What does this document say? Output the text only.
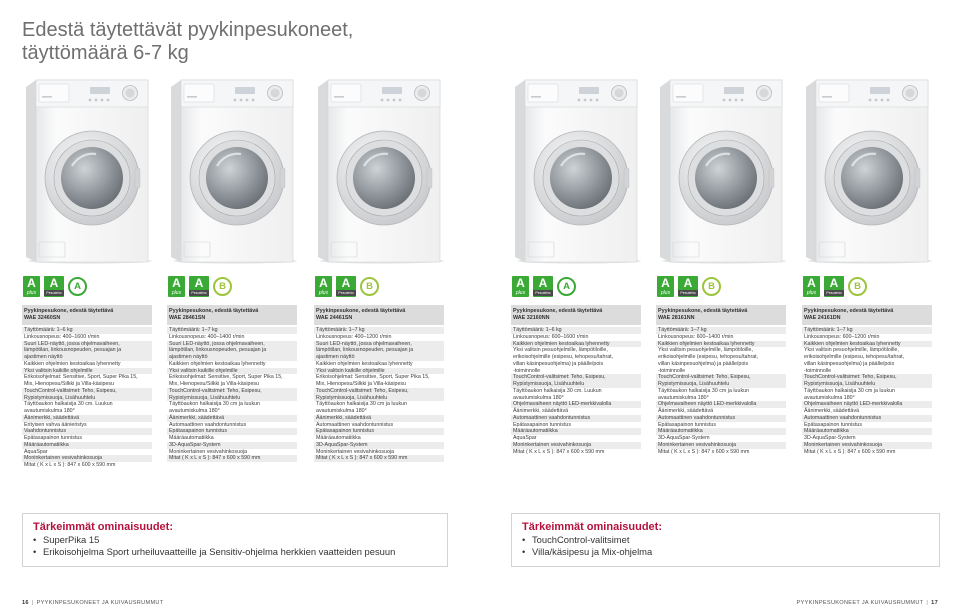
Edestä täytettävät pyykinpesukoneet,
täyttömäärä 6-7 kg
A
plus
A
Pesuteho
A
Pyykinpesukone, edestä täytettävä
WAE 32460SN
Täyttömäärä: 1–6 kg
Linkousnopeus: 400–1600 r/min
Suuri LED-näyttö, jossa ohjelmavaiheen,
lämpötilan, linkousnopeuden, pesuajan ja
ajastimen näyttö
Kaikkien ohjelmien kestoaikaa lyhennetty
Yksi valitsin kaikille ohjelmille
Erikoisohjelmat: Sensitive, Sport, Super Pika 15,
Mix, Hienopesu/Silkki ja Villa-käsipesu
TouchControl-valitsimet: Teho, Esipesu,
Rypistymissuoja, Lisähuuhtelu
Täyttöaukon halkaisija 30 cm. Luukun
avautumiskulma 180°
Äänimerkki, säädettävä
Erityisen vahva äänieristys
Vaahdontunnistus
Epätasapainon tunnistus
Määräautomatiikka
AquaSpar
Moninkertainen vesivahinkosuoja
Mitat ( K x L x S ): 847 x 600 x 590 mm
A
plus
A
Pesuteho
B
Pyykinpesukone, edestä täytettävä
WAE 28461SN
Täyttömäärä: 1–7 kg
Linkousnopeus: 400–1400 r/min
Suuri LED-näyttö, jossa ohjelmavaiheen,
lämpötilan, linkousnopeuden, pesuajan ja
ajastimen näyttö
Kaikkien ohjelmien kestoaikaa lyhennetty
Yksi valitsin kaikille ohjelmille
Erikoisohjelmat: Sensitive, Sport, Super Pika 15,
Mix, Hienopesu/Silkki ja Villa-käsipesu
TouchControl-valitsimet: Teho, Esipesu,
Rypistymissuoja, Lisähuuhtelu
Täyttöaukon halkaisija 30 cm ja luukun
avautumiskulma 180°
Äänimerkki, säädettävä
Automaattinen vaahdontunnistus
Epätasapainon tunnistus
Määräautomatiikka
3D-AquaSpar-System
Moninkertainen vesivahinkosuoja
Mitat ( K x L x S ): 847 x 600 x 590 mm
A
plus
A
Pesuteho
B
Pyykinpesukone, edestä täytettävä
WAE 24461SN
Täyttömäärä: 1–7 kg
Linkousnopeus: 400–1200 r/min
Suuri LED-näyttö, jossa ohjelmavaiheen,
lämpötilan, linkousnopeuden, pesuajan ja
ajastimen näyttö
Kaikkien ohjelmien kestoaikaa lyhennetty
Yksi valitsin kaikille ohjelmille
Erikoisohjelmat: Sensitive, Sport, Super Pika 15,
Mix, Hienopesu/Silkki ja Villa-käsipesu
TouchControl-valitsimet: Teho, Esipesu,
Rypistymissuoja, Lisähuuhtelu
Täyttöaukon halkaisija 30 cm ja luukun
avautumiskulma 180°
Äänimerkki, säädettävä
Automaattinen vaahdontunnistus
Epätasapainon tunnistus
Määräautomatiikka
3D-AquaSpar-System
Moninkertainen vesivahinkosuoja
Mitat ( K x L x S ): 847 x 600 x 590 mm
A
plus
A
Pesuteho
A
Pyykinpesukone, edestä täytettävä
WAE 32160NN
Täyttömäärä: 1–6 kg
Linkousnopeus: 600–1600 r/min
Kaikkien ohjelmien kestoaikaa lyhennetty
Yksi valitsin pesuohjelmille, lämpötiloille,
erikoisohjelmille (esipesu, tehopesu/tahrat,
villan käsinpesuohjelma) ja päälle/pois
-toiminnolle
TouchControl-valitsimet: Teho, Esipesu,
Rypistymissuoja, Lisähuuhtelu
Täyttöaukon halkaisija 30 cm. Luukun
avautumiskulma 180°
Ohjelmavaiheen näyttö LED-merkkivalolla
Äänimerkki, säädettävä
Automaattinen vaahdontunnistus
Epätasapainon tunnistus
Määräautomatiikka
AquaSpar
Moninkertainen vesivahinkosuoja
Mitat ( K x L x S ): 847 x 600 x 590 mm
A
plus
A
Pesuteho
B
Pyykinpesukone, edestä täytettävä
WAE 28161NN
Täyttömäärä: 1–7 kg
Linkousnopeus: 600–1400 r/min
Kaikkien ohjelmien kestoaikaa lyhennetty
Yksi valitsin pesuohjelmille, lämpötiloille,
erikoisohjelmille (esipesu, tehopesu/tahrat,
villan käsinpesuohjelma) ja päälle/pois
-toiminnolle
TouchControl-valitsimet: Teho, Esipesu,
Rypistymissuoja, Lisähuuhtelu
Täyttöaukon halkaisija 30 cm ja luukun
avautumiskulma 180°
Ohjelmavaiheen näyttö LED-merkkivalolla
Äänimerkki, säädettävä
Automaattinen vaahdontunnistus
Epätasapainon tunnistus
Määräautomatiikka
3D-AquaSpar-System
Moninkertainen vesivahinkosuoja
Mitat ( K x L x S ): 847 x 600 x 590 mm
A
plus
A
Pesuteho
B
Pyykinpesukone, edestä täytettävä
WAE 24161DN
Täyttömäärä: 1–7 kg
Linkousnopeus: 600–1200 r/min
Kaikkien ohjelmien kestoaikaa lyhennetty
Yksi valitsin pesuohjelmille, lämpötiloille,
erikoisohjelmille (esipesu, tehopesu/tahrat,
villan käsinpesuohjelma) ja päälle/pois
-toiminnolle
TouchControl-valitsimet: Teho, Esipesu,
Rypistymissuoja, Lisähuuhtelu
Täyttöaukon halkaisija 30 cm ja luukun
avautumiskulma 180°
Ohjelmavaiheen näyttö LED-merkkivalolla
Äänimerkki, säädettävä
Automaattinen vaahdontunnistus
Epätasapainon tunnistus
Määräautomatiikka
3D-AquaSpar-System
Moninkertainen vesivahinkosuoja
Mitat ( K x L x S ): 847 x 600 x 590 mm
Tärkeimmät ominaisuudet:
• SuperPika 15
• Erikoisohjelma Sport urheiluvaatteille ja Sensitiv-ohjelma herkkien vaatteiden pesuun
Tärkeimmät ominaisuudet:
• TouchControl-valitsimet
• Villa/käsipesu ja Mix-ohjelma
16 | PYYKINPESUKONEET JA KUIVAUSRUMMUT	PYYKINPESUKONEET JA KUIVAUSRUMMUT | 17
